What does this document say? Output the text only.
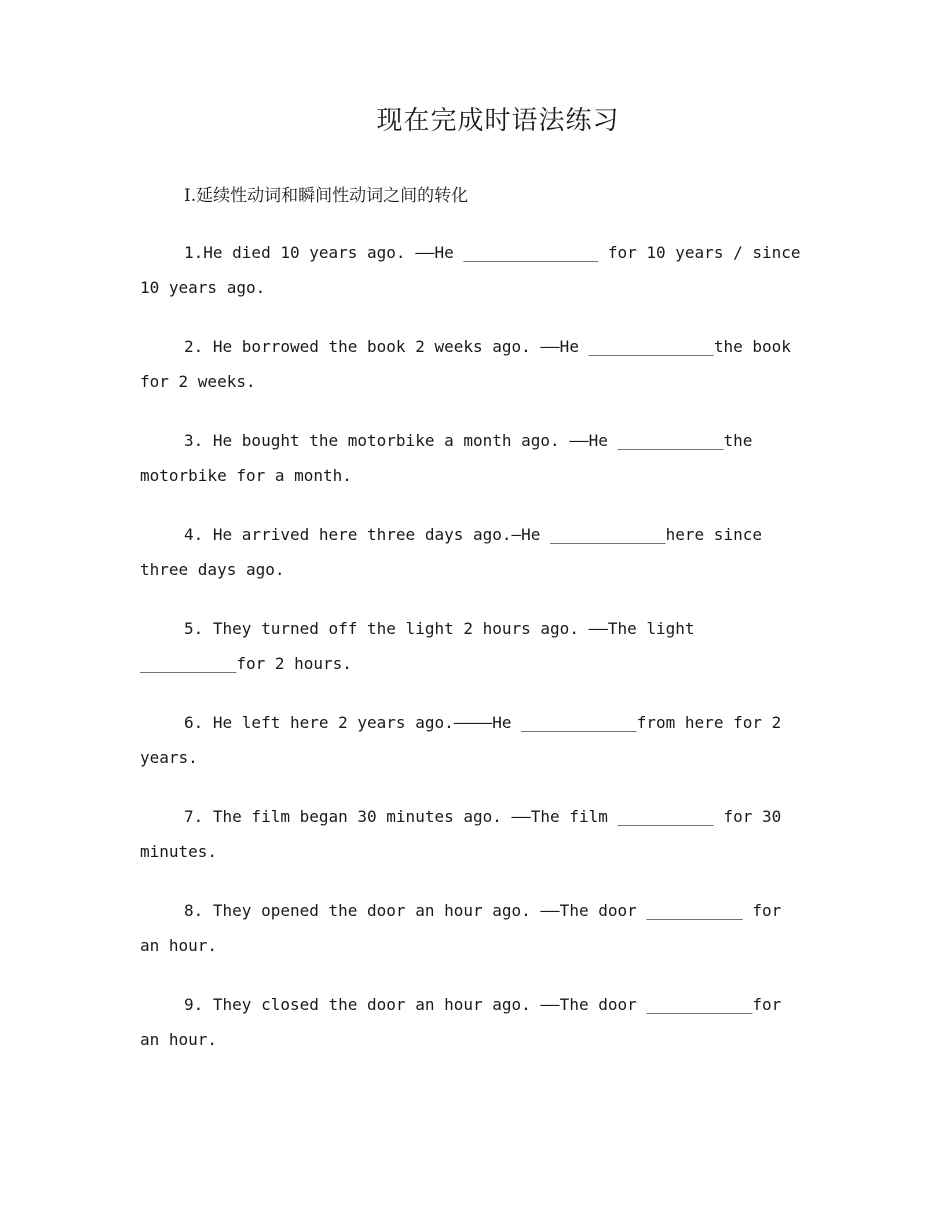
现在完成时语法练习
I.延续性动词和瞬间性动词之间的转化

1.He died 10 years ago. ——He ______________ for 10 years / since 10 years ago.

2. He borrowed the book 2 weeks ago. ——He _____________the book for 2 weeks.

3. He bought the motorbike a month ago. ——He ___________the motorbike for a month.

4. He arrived here three days ago.—He ____________here since three days ago.

5. They turned off the light 2 hours ago. ——The light __________for 2 hours.

6. He left here 2 years ago.————He ____________from here for 2 years.

7. The film began 30 minutes ago. ——The film __________ for 30 minutes.

8. They opened the door an hour ago. ——The door __________ for an hour.

9. They closed the door an hour ago. ——The door ___________for an hour.
